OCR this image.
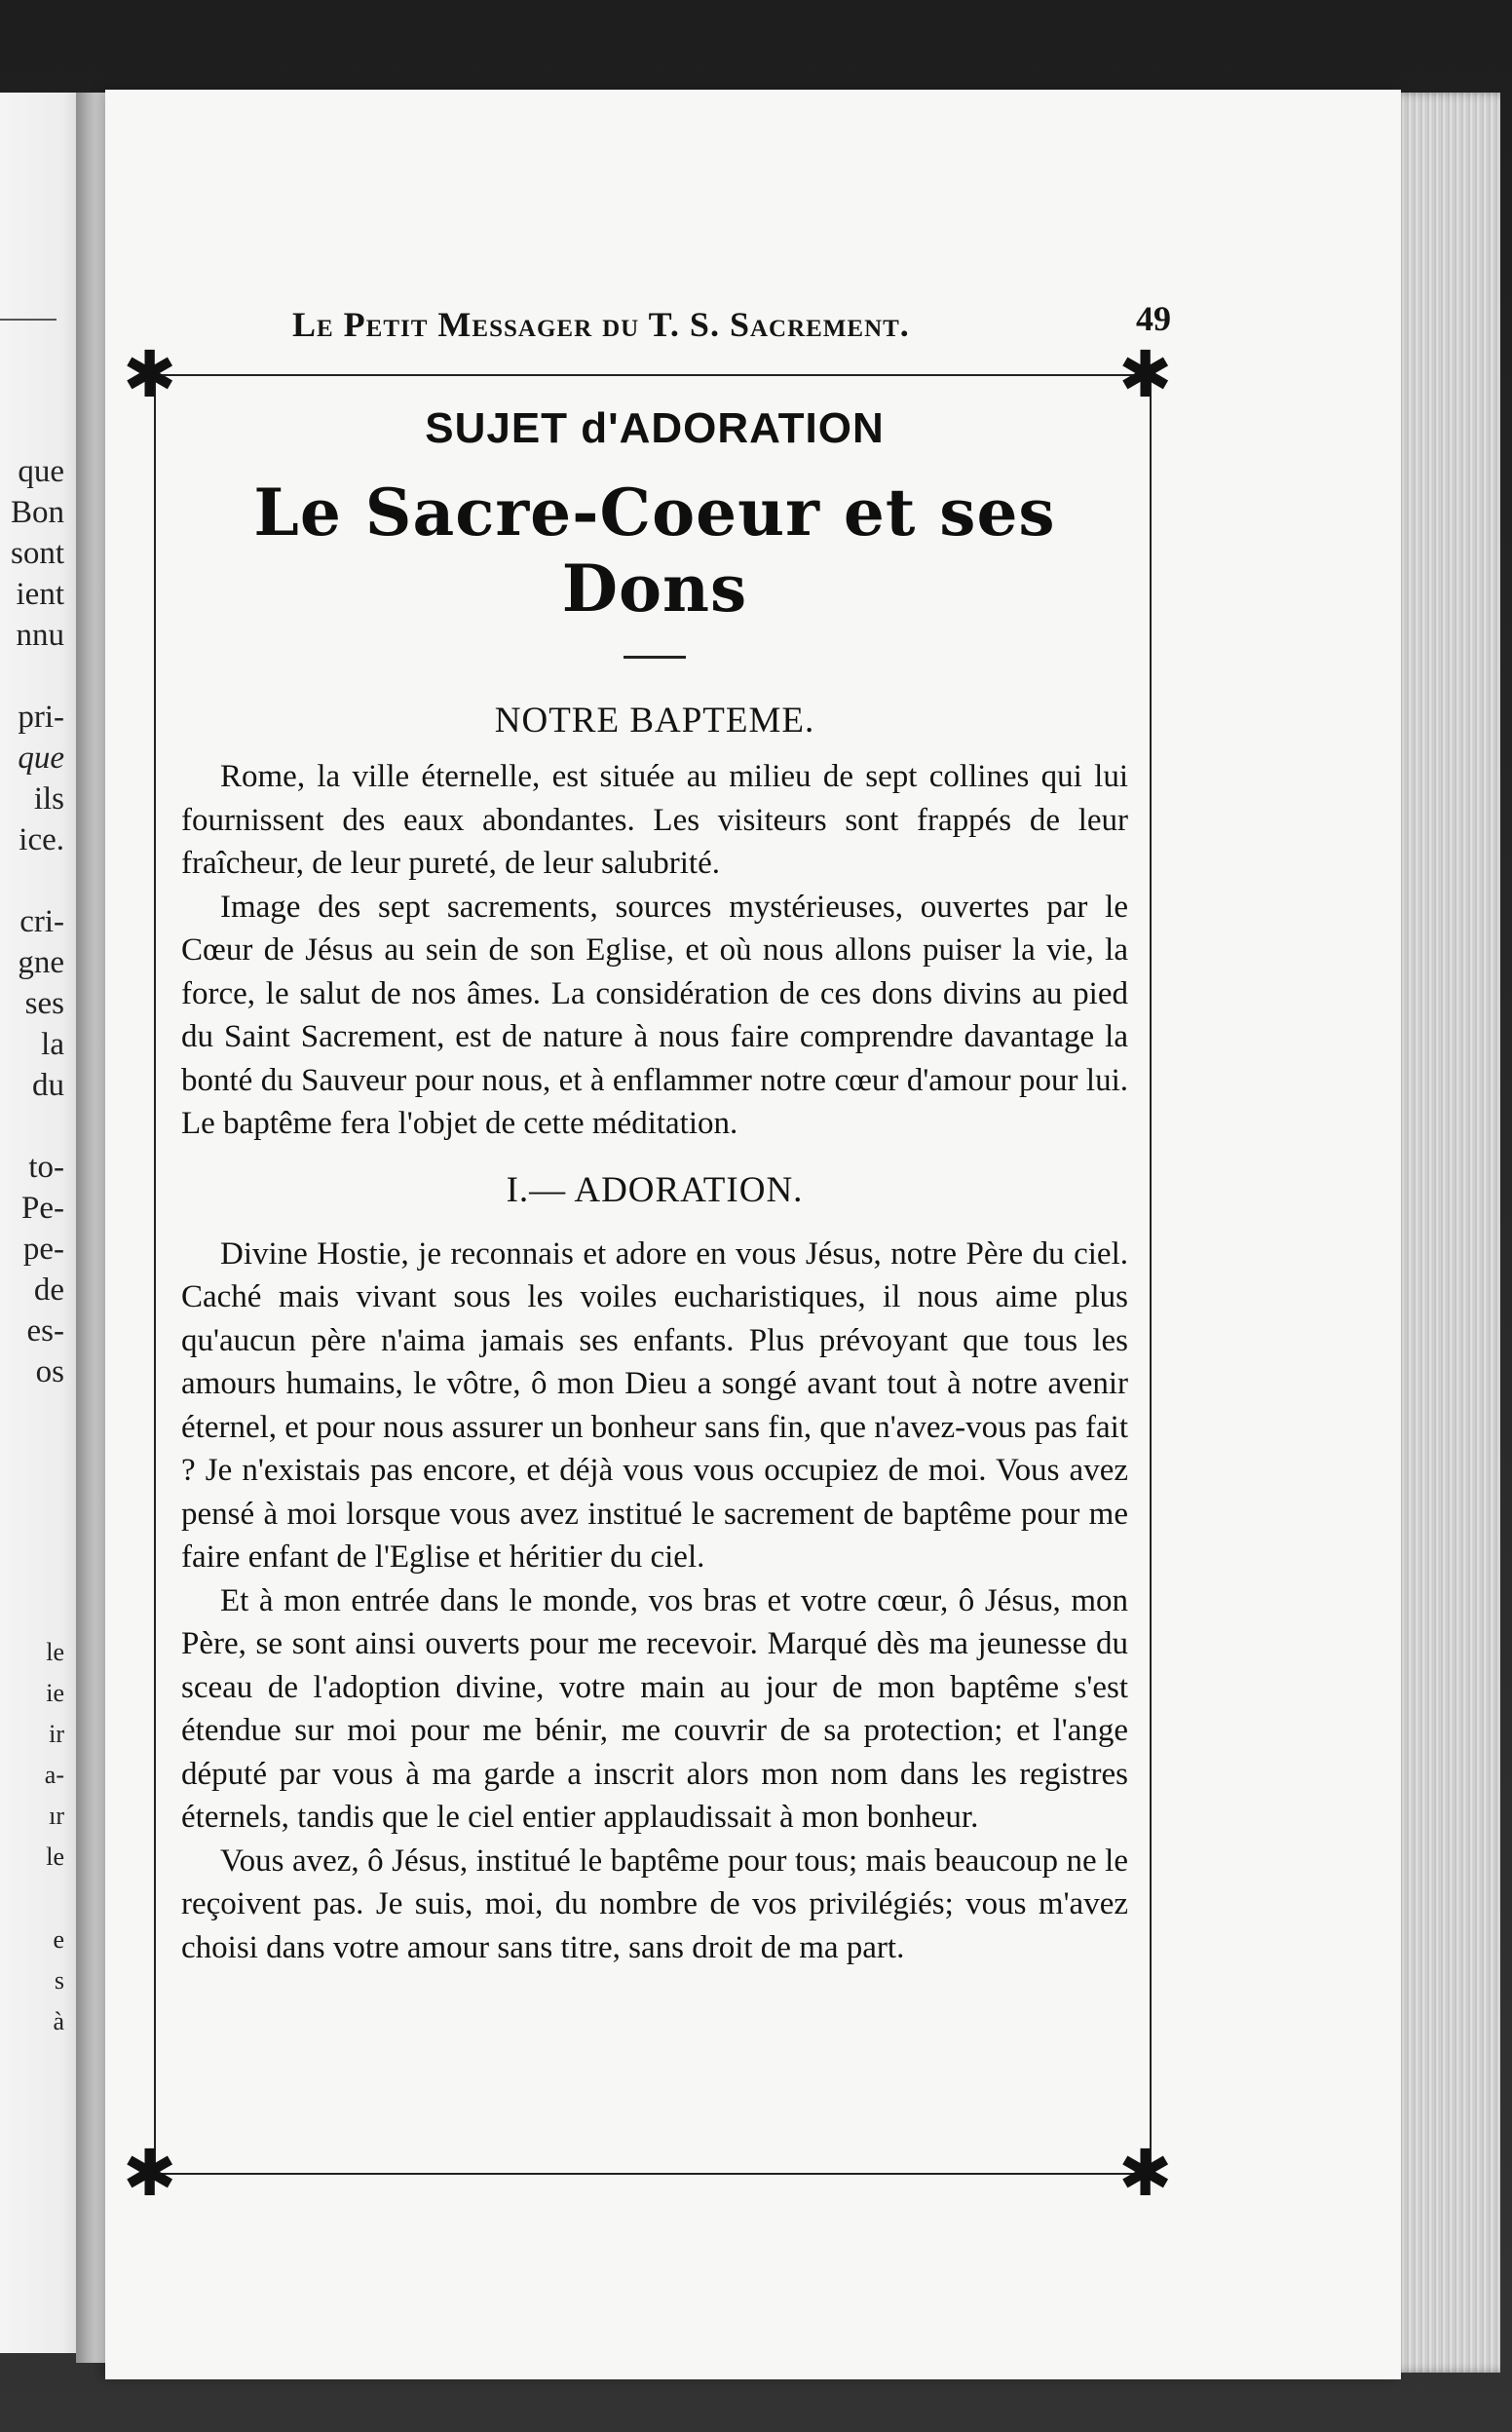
que
Bon
sont
ient
nnu
pri-
que
ils
ice.
cri-
gne
ses
la
du
to-
Pe-
pe-
de
es-
os
le
ie
ir
a-
ır
le
e
s
à
Le Petit Messager du T. S. Sacrement.	49
✱	✱
✱	✱
SUJET d'ADORATION
Le Sacre-Coeur et ses Dons
NOTRE BAPTEME.

Rome, la ville éternelle, est située au milieu de sept collines qui lui fournissent des eaux abondantes. Les visiteurs sont frappés de leur fraîcheur, de leur pureté, de leur salubrité.

Image des sept sacrements, sources mystérieuses, ouvertes par le Cœur de Jésus au sein de son Eglise, et où nous allons puiser la vie, la force, le salut de nos âmes. La considération de ces dons divins au pied du Saint Sacrement, est de nature à nous faire comprendre davantage la bonté du Sauveur pour nous, et à enflammer notre cœur d'amour pour lui. Le baptême fera l'objet de cette méditation.

I.— ADORATION.

Divine Hostie, je reconnais et adore en vous Jésus, notre Père du ciel. Caché mais vivant sous les voiles eucharistiques, il nous aime plus qu'aucun père n'aima jamais ses enfants. Plus prévoyant que tous les amours humains, le vôtre, ô mon Dieu a songé avant tout à notre avenir éternel, et pour nous assurer un bonheur sans fin, que n'avez-vous pas fait ? Je n'existais pas encore, et déjà vous vous occupiez de moi. Vous avez pensé à moi lorsque vous avez institué le sacrement de baptême pour me faire enfant de l'Eglise et héritier du ciel.

Et à mon entrée dans le monde, vos bras et votre cœur, ô Jésus, mon Père, se sont ainsi ouverts pour me recevoir. Marqué dès ma jeunesse du sceau de l'adoption divine, votre main au jour de mon baptême s'est étendue sur moi pour me bénir, me couvrir de sa protection; et l'ange député par vous à ma garde a inscrit alors mon nom dans les registres éternels, tandis que le ciel entier applaudissait à mon bonheur.

Vous avez, ô Jésus, institué le baptême pour tous; mais beaucoup ne le reçoivent pas. Je suis, moi, du nombre de vos privilégiés; vous m'avez choisi dans votre amour sans titre, sans droit de ma part.
